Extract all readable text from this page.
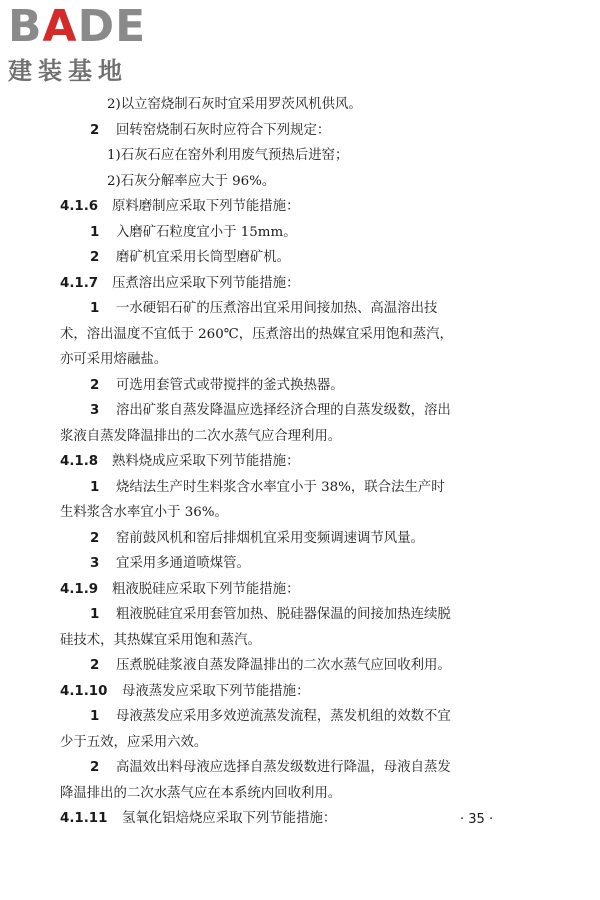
BADE
建装基地

2)以立窑烧制石灰时宜采用罗茨风机供风。

2 回转窑烧制石灰时应符合下列规定：

1)石灰石应在窑外利用废气预热后进窑；

2)石灰分解率应大于 96%。

4.1.6 原料磨制应采取下列节能措施：

1 入磨矿石粒度宜小于 15mm。

2 磨矿机宜采用长筒型磨矿机。

4.1.7 压煮溶出应采取下列节能措施：

1 一水硬铝石矿的压煮溶出宜采用间接加热、高温溶出技

术，溶出温度不宜低于 260℃，压煮溶出的热媒宜采用饱和蒸汽，

亦可采用熔融盐。

2 可选用套管式或带搅拌的釜式换热器。

3 溶出矿浆自蒸发降温应选择经济合理的自蒸发级数，溶出

浆液自蒸发降温排出的二次水蒸气应合理利用。

4.1.8 熟料烧成应采取下列节能措施：

1 烧结法生产时生料浆含水率宜小于 38%，联合法生产时

生料浆含水率宜小于 36%。

2 窑前鼓风机和窑后排烟机宜采用变频调速调节风量。

3 宜采用多通道喷煤管。

4.1.9 粗液脱硅应采取下列节能措施：

1 粗液脱硅宜采用套管加热、脱硅器保温的间接加热连续脱

硅技术，其热媒宜采用饱和蒸汽。

2 压煮脱硅浆液自蒸发降温排出的二次水蒸气应回收利用。

4.1.10 母液蒸发应采取下列节能措施：

1 母液蒸发应采用多效逆流蒸发流程，蒸发机组的效数不宜

少于五效，应采用六效。

2 高温效出料母液应选择自蒸发级数进行降温，母液自蒸发

降温排出的二次水蒸气应在本系统内回收利用。

4.1.11 氢氧化铝焙烧应采取下列节能措施：	· 35 ·
